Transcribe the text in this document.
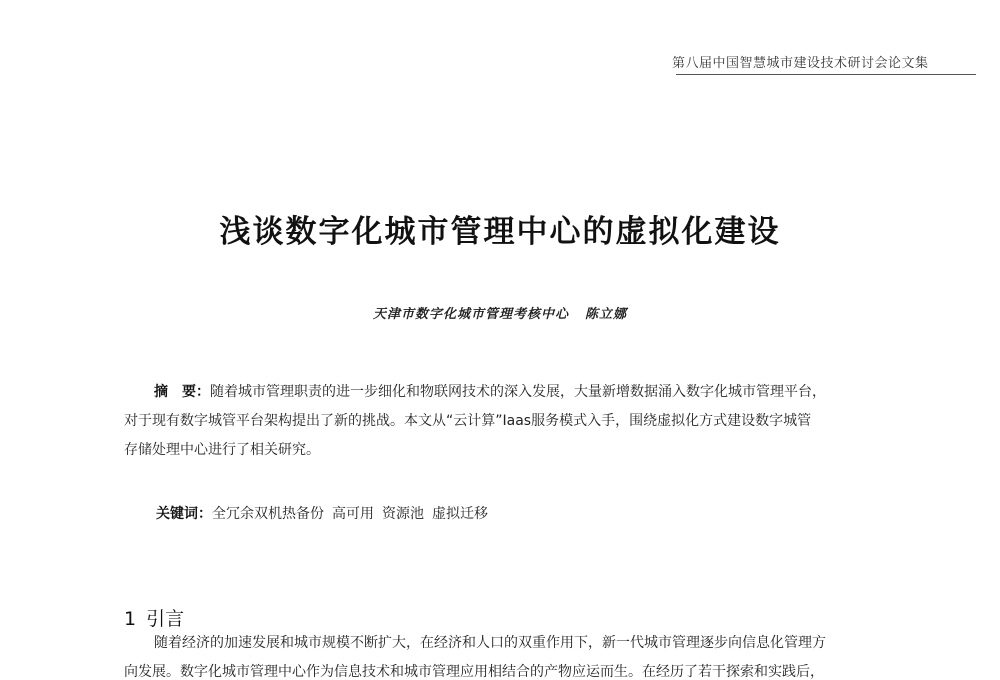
第八届中国智慧城市建设技术研讨会论文集
浅谈数字化城市管理中心的虚拟化建设
天津市数字化城市管理考核中心 陈立娜
摘　要：随着城市管理职责的进一步细化和物联网技术的深入发展，大量新增数据涌入数字化城市管理平台，
对于现有数字城管平台架构提出了新的挑战。本文从“云计算”Iaas服务模式入手，围绕虚拟化方式建设数字城管
存储处理中心进行了相关研究。
关键词：全冗余双机热备份 高可用 资源池 虚拟迁移
1 引言
随着经济的加速发展和城市规模不断扩大，在经济和人口的双重作用下，新一代城市管理逐步向信息化管理方
向发展。数字化城市管理中心作为信息技术和城市管理应用相结合的产物应运而生。在经历了若干探索和实践后，
